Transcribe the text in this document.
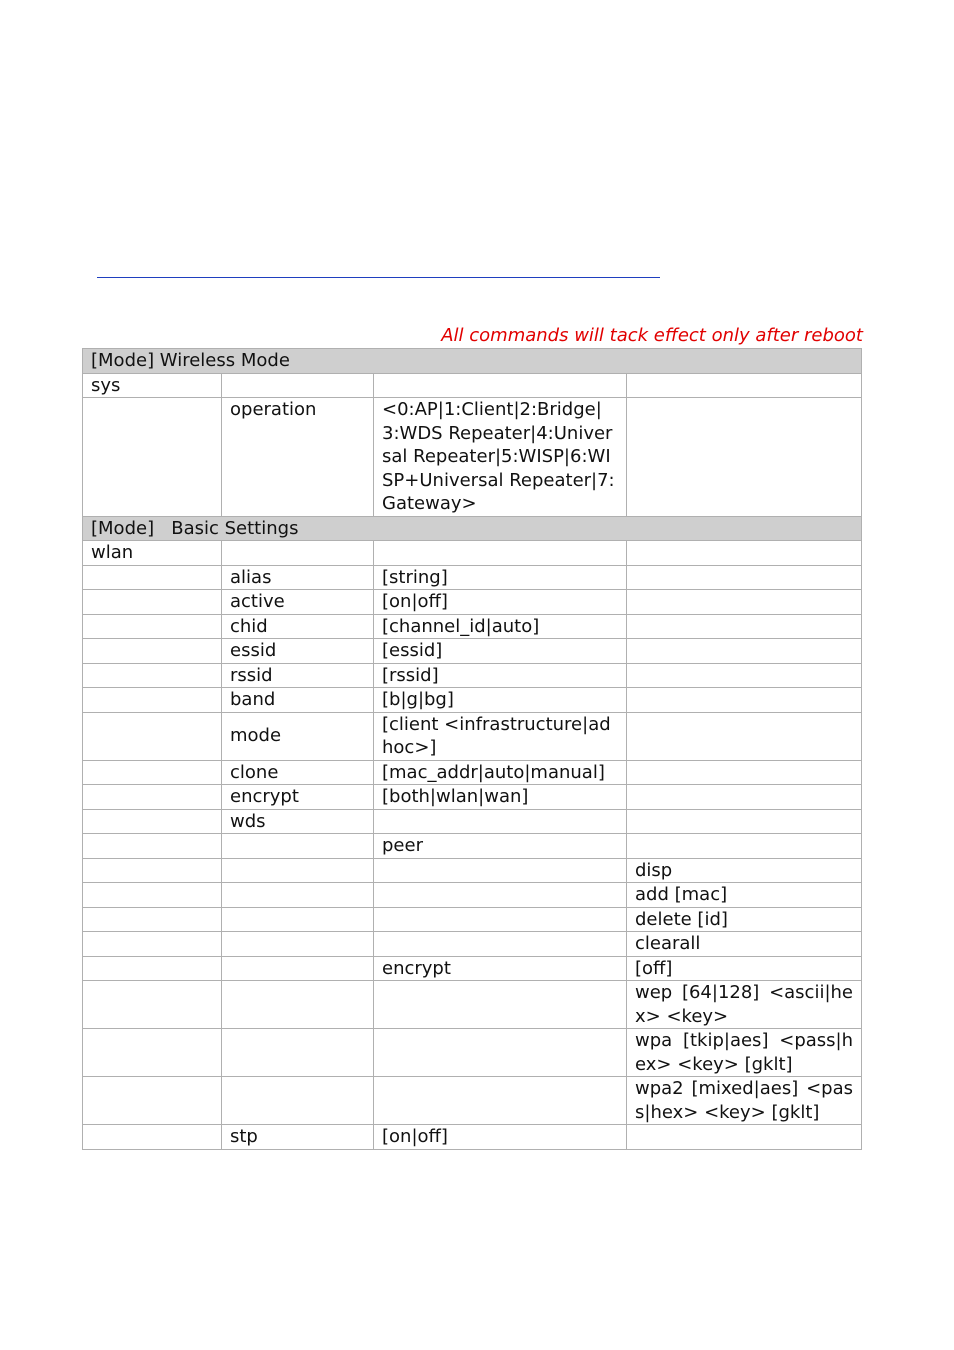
All commands will tack effect only after reboot
[Mode] Wireless Mode			
sys			
	operation	<0:AP|1:Client|2:Bridge|3:WDS Repeater|4:Universal Repeater|5:WISP|6:WISP+Universal Repeater|7:Gateway>	
[Mode]   Basic Settings			
wlan			
	alias	[string]	
	active	[on|off]	
	chid	[channel_id|auto]	
	essid	[essid]	
	rssid	[rssid]	
	band	[b|g|bg]	
	mode	[client <infrastructure|adhoc>]	
	clone	[mac_addr|auto|manual]	
	encrypt	[both|wlan|wan]	
	wds		
		peer	
			disp
			add [mac]
			delete [id]
			clearall
		encrypt	[off]
			wep [64|128] <ascii|hex> <key>
			wpa [tkip|aes] <pass|hex> <key> [gklt]
			wpa2 [mixed|aes] <pass|hex> <key> [gklt]
	stp	[on|off]	
